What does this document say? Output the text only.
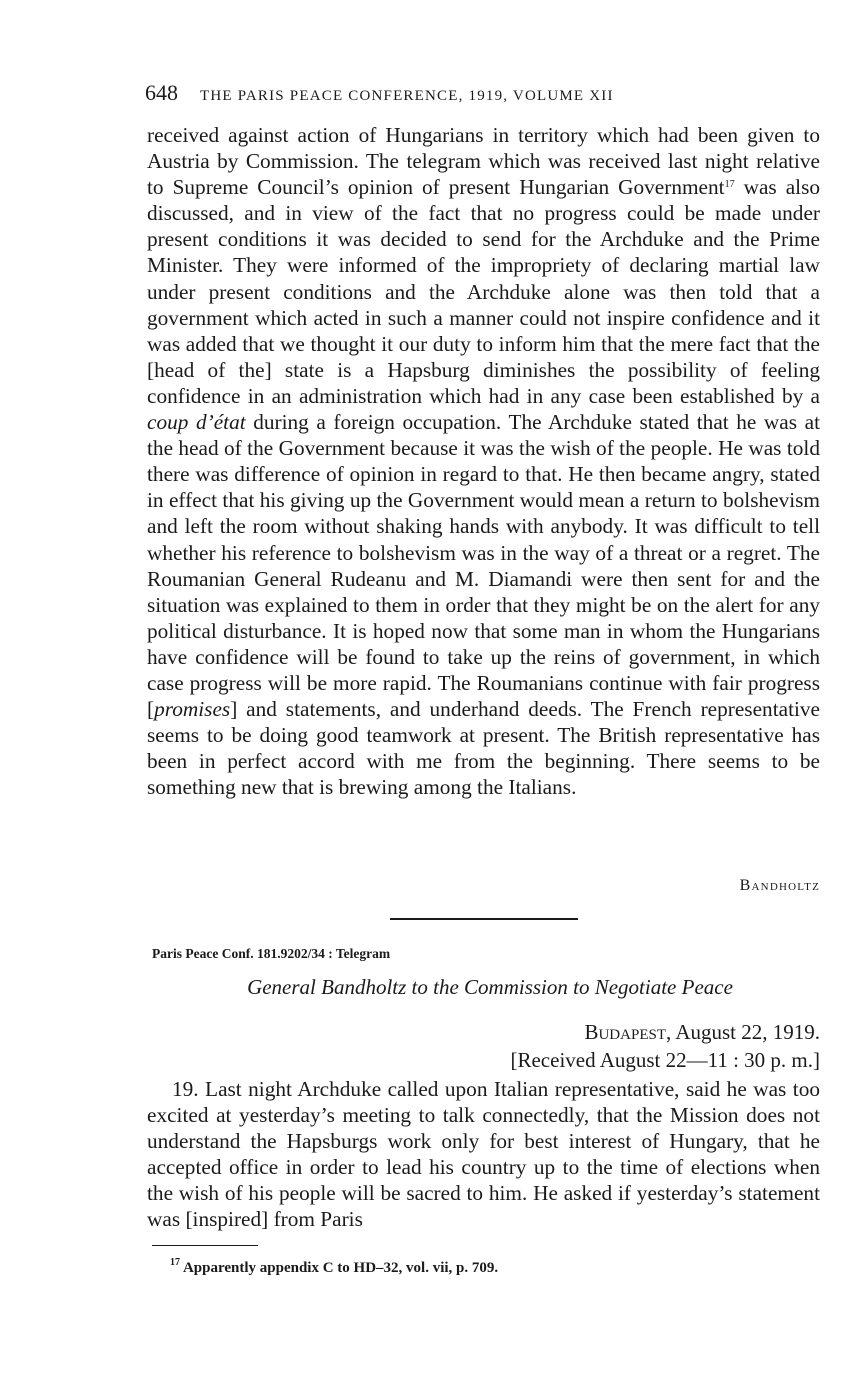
648 THE PARIS PEACE CONFERENCE, 1919, VOLUME XII

received against action of Hungarians in territory which had been given to Austria by Commission. The telegram which was received last night relative to Supreme Council’s opinion of present Hungarian Government$^{17}$ was also discussed, and in view of the fact that no progress could be made under present conditions it was decided to send for the Archduke and the Prime Minister. They were informed of the impropriety of declaring martial law under present conditions and the Archduke alone was then told that a government which acted in such a manner could not inspire confidence and it was added that we thought it our duty to inform him that the mere fact that the [head of the] state is a Hapsburg diminishes the possibility of feeling confidence in an administration which had in any case been established by a coup d’état during a foreign occupation. The Archduke stated that he was at the head of the Government because it was the wish of the people. He was told there was difference of opinion in regard to that. He then became angry, stated in effect that his giving up the Government would mean a return to bolshevism and left the room without shaking hands with anybody. It was difficult to tell whether his reference to bolshevism was in the way of a threat or a regret. The Roumanian General Rudeanu and M. Diamandi were then sent for and the situation was explained to them in order that they might be on the alert for any political disturbance. It is hoped now that some man in whom the Hungarians have confidence will be found to take up the reins of government, in which case progress will be more rapid. The Roumanians continue with fair progress [promises] and statements, and underhand deeds. The French representative seems to be doing good teamwork at present. The British representative has been in perfect accord with me from the beginning. There seems to be something new that is brewing among the Italians.

Bandholtz
Paris Peace Conf. 181.9202/34 : Telegram
General Bandholtz to the Commission to Negotiate Peace
Budapest, August 22, 1919.
[Received August 22—11 : 30 p. m.]

19. Last night Archduke called upon Italian representative, said he was too excited at yesterday’s meeting to talk connectedly, that the Mission does not understand the Hapsburgs work only for best interest of Hungary, that he accepted office in order to lead his country up to the time of elections when the wish of his people will be sacred to him. He asked if yesterday’s statement was [inspired] from Paris

$^{17}$ Apparently appendix C to HD–32, vol. vii, p. 709.
